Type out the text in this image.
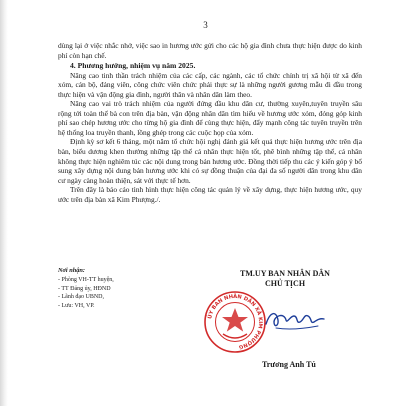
3

dùng lại ở việc nhắc nhở, việc sao in hương ước gửi cho các hộ gia đình chưa thực hiện được do kinh phí còn hạn chế.

4. Phương hướng, nhiệm vụ năm 2025.

Nâng cao tinh thần trách nhiệm của các cấp, các ngành, các tổ chức chính trị xã hội từ xã đến xóm, cán bộ, đảng viên, công chức viên chức phải thực sự là những người gương mẫu đi đầu trong thực hiện và vận động gia đình, người thân và nhân dân làm theo.

Nâng cao vai trò trách nhiệm của người đứng đầu khu dân cư, thường xuyên,tuyên truyền sâu rộng tới toàn thể bà con trên địa bàn, vận động nhân dân tìm hiểu về hương ước xóm, đóng góp kinh phí sao chép hương ước cho từng hộ gia đình để cùng thực hiện, đẩy mạnh công tác tuyên truyền trên hệ thống loa truyền thanh, lồng ghép trong các cuộc họp của xóm.

Định kỳ sơ kết 6 tháng, một năm tổ chức hội nghị đánh giá kết quả thực hiện hương ước trên địa bàn, biểu dương khen thưởng những tập thể cá nhân thực hiện tốt, phê bình những tập thể, cá nhân không thực hiện nghiêm túc các nội dung trong bản hương ước. Đồng thời tiếp thu các ý kiến góp ý bổ sung xây dựng nội dung bản hương ước khi có sự đồng thuận của đại đa số người dân trong khu dân cư ngày càng hoàn thiện, sát với thực tế hơn.

Trên đây là báo cáo tình hình thực hiện công tác quản lý về xây dựng, thực hiện hương ước, quy ước trên địa bàn xã Kim Phượng./.

Nơi nhận:
- Phòng VH-TT huyện,
- TT Đảng ủy, HĐND
- Lãnh đạo UBND,
- Lưu: VH, VP.
TM.UY BAN NHÂN DÂN
CHỦ TỊCH
ỦY BAN NHÂN DÂN XÃ KIM PHƯỢNG
Trương Anh Tú
